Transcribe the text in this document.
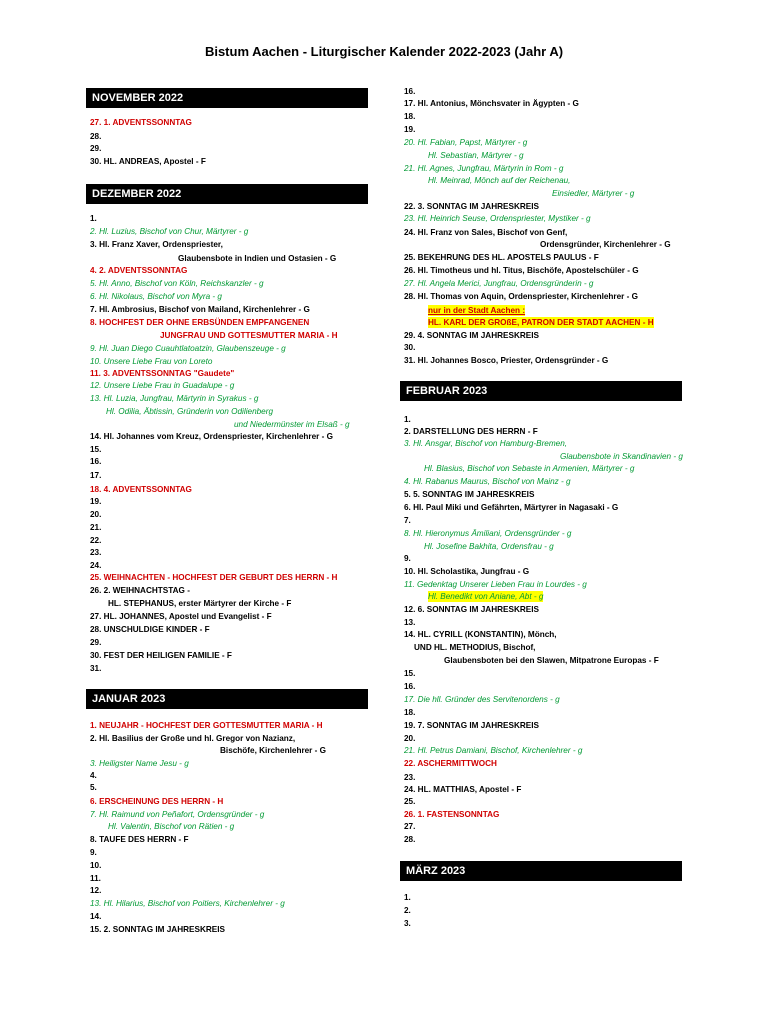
Bistum Aachen - Liturgischer Kalender 2022-2023 (Jahr A)
NOVEMBER 2022
DEZEMBER 2022
JANUAR 2023
27. 1. ADVENTSSONNTAG
28.
29.
30. HL. ANDREAS, Apostel - F
1.
2. Hl. Luzius, Bischof von Chur, Märtyrer - g
3. Hl. Franz Xaver, Ordenspriester,
Glaubensbote in Indien und Ostasien - G
4. 2. ADVENTSSONNTAG
5. Hl. Anno, Bischof von Köln, Reichskanzler - g
6. Hl. Nikolaus, Bischof von Myra - g
7. Hl. Ambrosius, Bischof von Mailand, Kirchenlehrer - G
8. HOCHFEST DER OHNE ERBSÜNDEN EMPFANGENEN
JUNGFRAU UND GOTTESMUTTER MARIA - H
9. Hl. Juan Diego Cuauhtlatoatzin, Glaubenszeuge - g
10. Unsere Liebe Frau von Loreto
11. 3. ADVENTSSONNTAG "Gaudete"
12. Unsere Liebe Frau in Guadalupe - g
13. Hl. Luzia, Jungfrau, Märtyrin in Syrakus - g
Hl. Odilia, Äbtissin, Gründerin von Odilienberg
und Niedermünster im Elsaß - g
14. Hl. Johannes vom Kreuz, Ordenspriester, Kirchenlehrer - G
15.
16.
17.
18. 4. ADVENTSSONNTAG
19.
20.
21.
22.
23.
24.
25. WEIHNACHTEN - HOCHFEST DER GEBURT DES HERRN - H
26. 2. WEIHNACHTSTAG -
HL. STEPHANUS, erster Märtyrer der Kirche - F
27. HL. JOHANNES, Apostel und Evangelist - F
28. UNSCHULDIGE KINDER - F
29.
30. FEST DER HEILIGEN FAMILIE - F
31.
1. NEUJAHR - HOCHFEST DER GOTTESMUTTER MARIA - H
2. Hl. Basilius der Große und hl. Gregor von Nazianz,
Bischöfe, Kirchenlehrer - G
3. Heiligster Name Jesu - g
4.
5.
6. ERSCHEINUNG DES HERRN - H
7. Hl. Raimund von Peñafort, Ordensgründer - g
Hl. Valentin, Bischof von Rätien - g
8. TAUFE DES HERRN - F
9.
10.
11.
12.
13. Hl. Hilarius, Bischof von Poitiers, Kirchenlehrer - g
14.
15. 2. SONNTAG IM JAHRESKREIS
FEBRUAR 2023
MÄRZ 2023
16.
17. Hl. Antonius, Mönchsvater in Ägypten - G
18.
19.
20. Hl. Fabian, Papst, Märtyrer - g
Hl. Sebastian, Märtyrer - g
21. Hl. Agnes, Jungfrau, Märtyrin in Rom - g
Hl. Meinrad, Mönch auf der Reichenau,
Einsiedler, Märtyrer - g
22. 3. SONNTAG IM JAHRESKREIS
23. Hl. Heinrich Seuse, Ordenspriester, Mystiker - g
24. Hl. Franz von Sales, Bischof von Genf,
Ordensgründer, Kirchenlehrer - G
25. BEKEHRUNG DES HL. APOSTELS PAULUS - F
26. Hl. Timotheus und hl. Titus, Bischöfe, Apostelschüler - G
27. Hl. Angela Merici, Jungfrau, Ordensgründerin - g
28. Hl. Thomas von Aquin, Ordenspriester, Kirchenlehrer - G
nur in der Stadt Aachen :
HL. KARL DER GROßE, PATRON DER STADT AACHEN - H
29. 4. SONNTAG IM JAHRESKREIS
30.
31. Hl. Johannes Bosco, Priester, Ordensgründer - G
1.
2. DARSTELLUNG DES HERRN - F
3. Hl. Ansgar, Bischof von Hamburg-Bremen,
Glaubensbote in Skandinavien - g
Hl. Blasius, Bischof von Sebaste in Armenien, Märtyrer - g
4. Hl. Rabanus Maurus, Bischof von Mainz - g
5. 5. SONNTAG IM JAHRESKREIS
6. Hl. Paul Miki und Gefährten, Märtyrer in Nagasaki - G
7.
8. Hl. Hieronymus Ämiliani, Ordensgründer - g
Hl. Josefine Bakhita, Ordensfrau - g
9.
10. Hl. Scholastika, Jungfrau - G
11. Gedenktag Unserer Lieben Frau in Lourdes - g
Hl. Benedikt von Aniane, Abt - g
12. 6. SONNTAG IM JAHRESKREIS
13.
14. HL. CYRILL (KONSTANTIN), Mönch,
UND HL. METHODIUS, Bischof,
Glaubensboten bei den Slawen, Mitpatrone Europas - F
15.
16.
17. Die hll. Gründer des Servitenordens - g
18.
19. 7. SONNTAG IM JAHRESKREIS
20.
21. Hl. Petrus Damiani, Bischof, Kirchenlehrer - g
22. ASCHERMITTWOCH
23.
24. HL. MATTHIAS, Apostel - F
25.
26. 1. FASTENSONNTAG
27.
28.
1.
2.
3.
